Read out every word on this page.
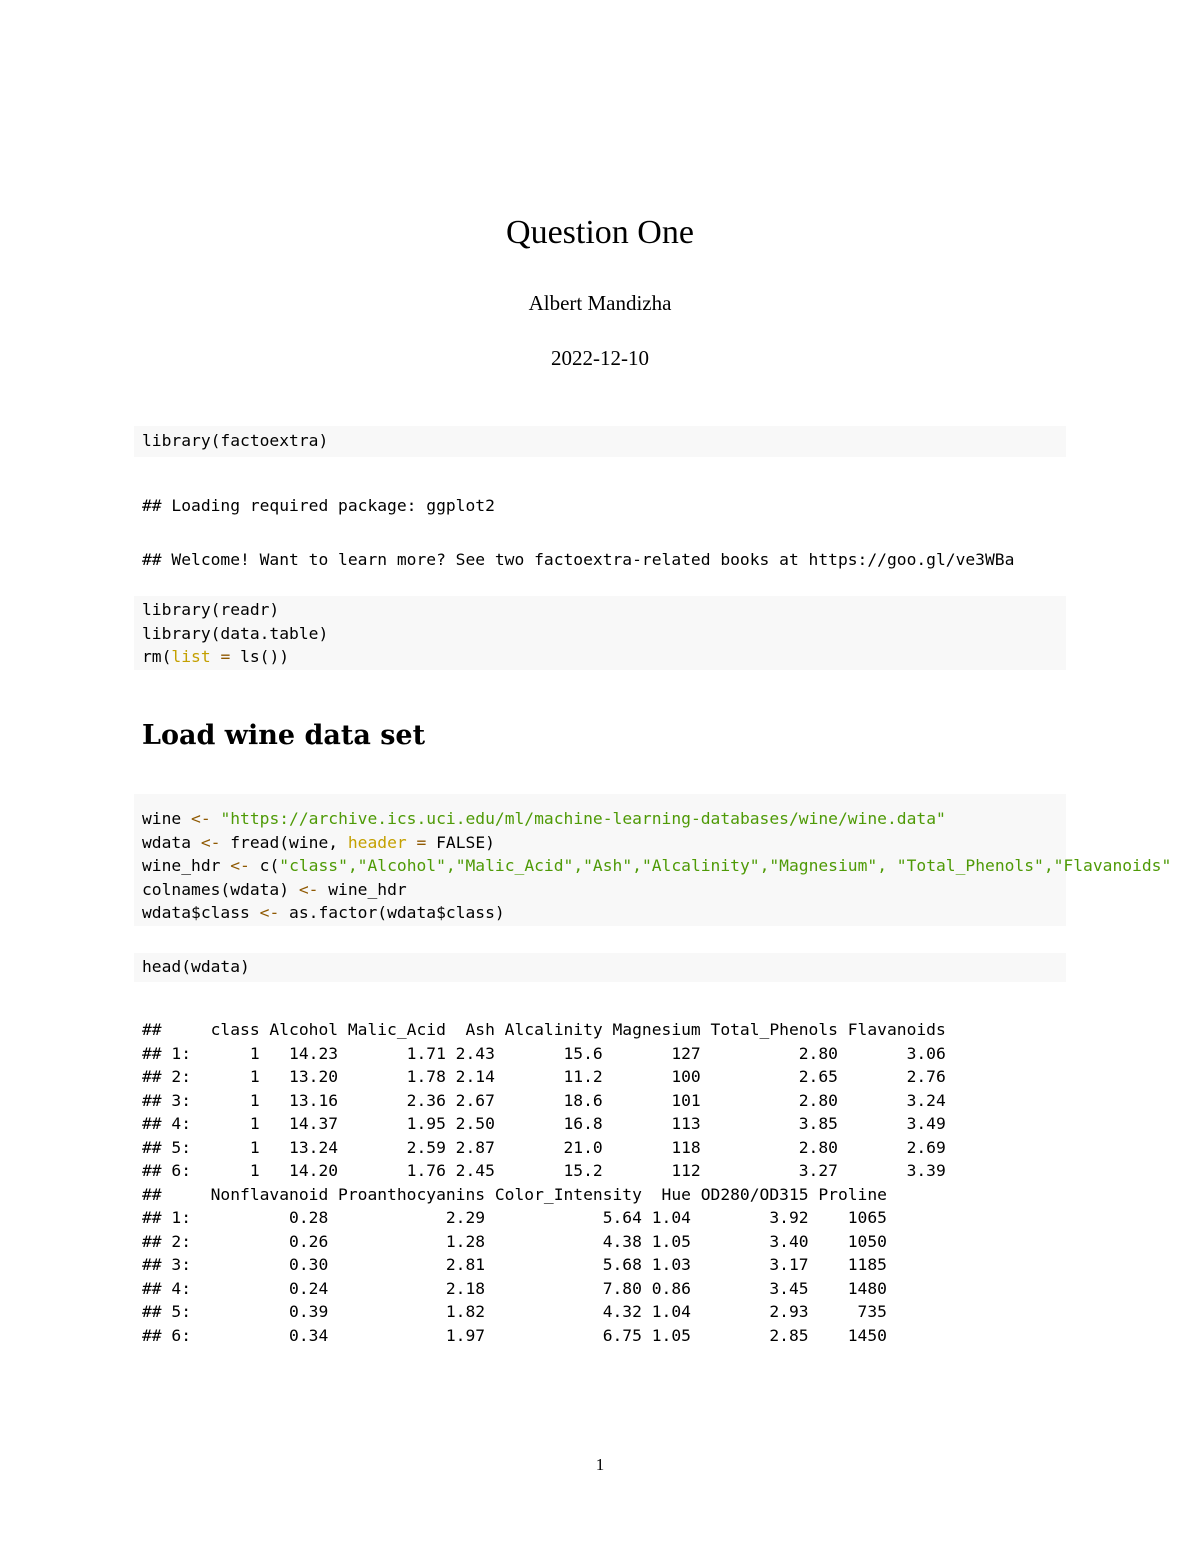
Question One
Albert Mandizha
2022-12-10
library(factoextra)
## Loading required package: ggplot2
## Welcome! Want to learn more? See two factoextra-related books at https://goo.gl/ve3WBa
library(readr)
library(data.table)
rm(list = ls())
Load wine data set
wine <- "https://archive.ics.uci.edu/ml/machine-learning-databases/wine/wine.data"
wdata <- fread(wine, header = FALSE)
wine_hdr <- c("class","Alcohol","Malic_Acid","Ash","Alcalinity","Magnesium", "Total_Phenols","Flavanoids"
colnames(wdata) <- wine_hdr
wdata$class <- as.factor(wdata$class)
head(wdata)
##     class Alcohol Malic_Acid  Ash Alcalinity Magnesium Total_Phenols Flavanoids
## 1:      1   14.23       1.71 2.43       15.6       127          2.80       3.06
## 2:      1   13.20       1.78 2.14       11.2       100          2.65       2.76
## 3:      1   13.16       2.36 2.67       18.6       101          2.80       3.24
## 4:      1   14.37       1.95 2.50       16.8       113          3.85       3.49
## 5:      1   13.24       2.59 2.87       21.0       118          2.80       2.69
## 6:      1   14.20       1.76 2.45       15.2       112          3.27       3.39
##     Nonflavanoid Proanthocyanins Color_Intensity  Hue OD280/OD315 Proline
## 1:          0.28            2.29            5.64 1.04        3.92    1065
## 2:          0.26            1.28            4.38 1.05        3.40    1050
## 3:          0.30            2.81            5.68 1.03        3.17    1185
## 4:          0.24            2.18            7.80 0.86        3.45    1480
## 5:          0.39            1.82            4.32 1.04        2.93     735
## 6:          0.34            1.97            6.75 1.05        2.85    1450
1
